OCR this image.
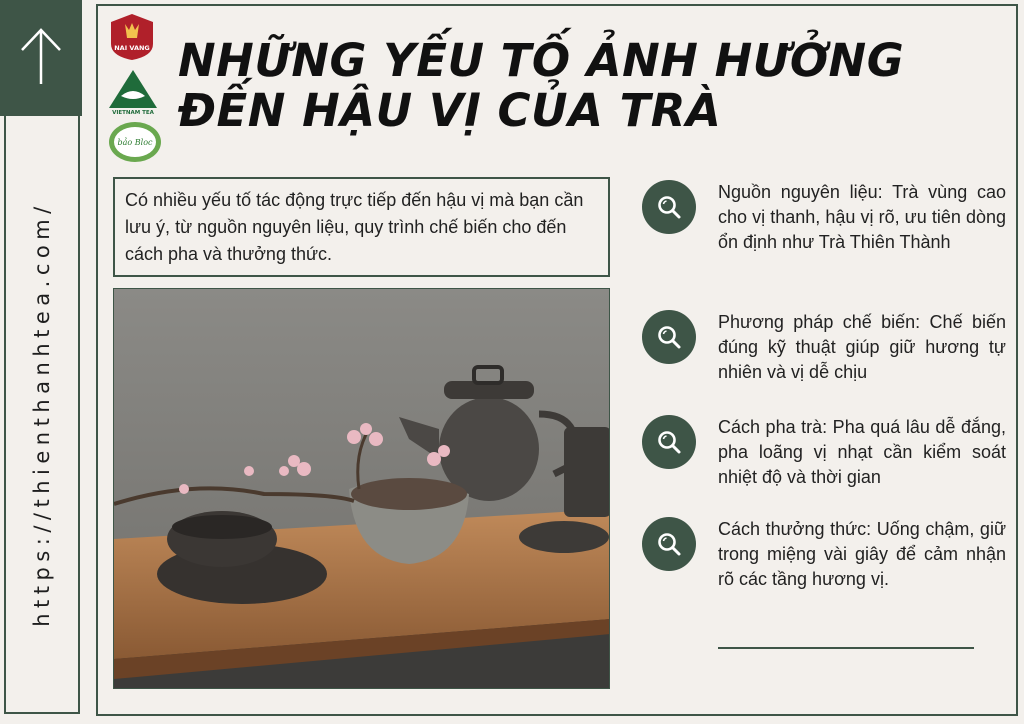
https://thienthanhtea.com/
NAI VANG
VIETNAM TEA
bảo Bloc
NHỮNG YẾU TỐ ẢNH HƯỞNG
ĐẾN HẬU VỊ CỦA TRÀ
Có nhiều yếu tố tác động trực tiếp đến hậu vị mà bạn cần lưu ý, từ nguồn nguyên liệu, quy trình chế biến cho đến cách pha và thưởng thức.
Nguồn nguyên liệu: Trà vùng cao cho vị thanh, hậu vị rõ, ưu tiên dòng ổn định như Trà Thiên Thành
Phương pháp chế biến: Chế biến đúng kỹ thuật giúp giữ hương tự nhiên và vị dễ chịu
Cách pha trà: Pha quá lâu dễ đắng, pha loãng vị nhạt cần kiểm soát nhiệt độ và thời gian
Cách thưởng thức: Uống chậm, giữ trong miệng vài giây để cảm nhận rõ các tầng hương vị.
